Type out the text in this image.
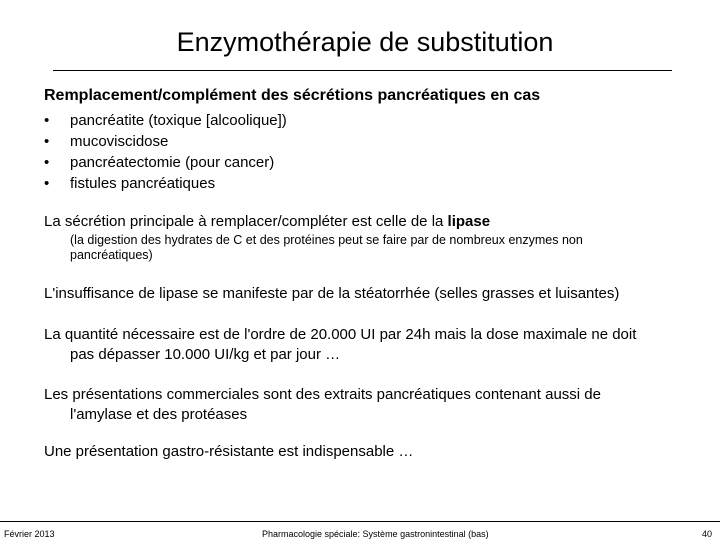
Enzymothérapie de substitution
Remplacement/complément des sécrétions pancréatiques en cas
•	pancréatite (toxique [alcoolique])
•	mucoviscidose
•	pancréatectomie (pour cancer)
•	fistules pancréatiques
La sécrétion principale à remplacer/compléter est celle de la lipase
(la digestion des hydrates de C et des protéines peut se faire par de nombreux enzymes non
pancréatiques)
L'insuffisance de lipase se manifeste par de la stéatorrhée (selles grasses et luisantes)
La quantité nécessaire est de l'ordre de 20.000 UI par 24h mais la dose maximale ne doit
pas dépasser 10.000 UI/kg et par jour …
Les présentations commerciales sont des extraits pancréatiques contenant aussi de
l'amylase et des protéases
Une présentation gastro-résistante est indispensable …
Février 2013	Pharmacologie spéciale: Système gastronintestinal (bas)	40
